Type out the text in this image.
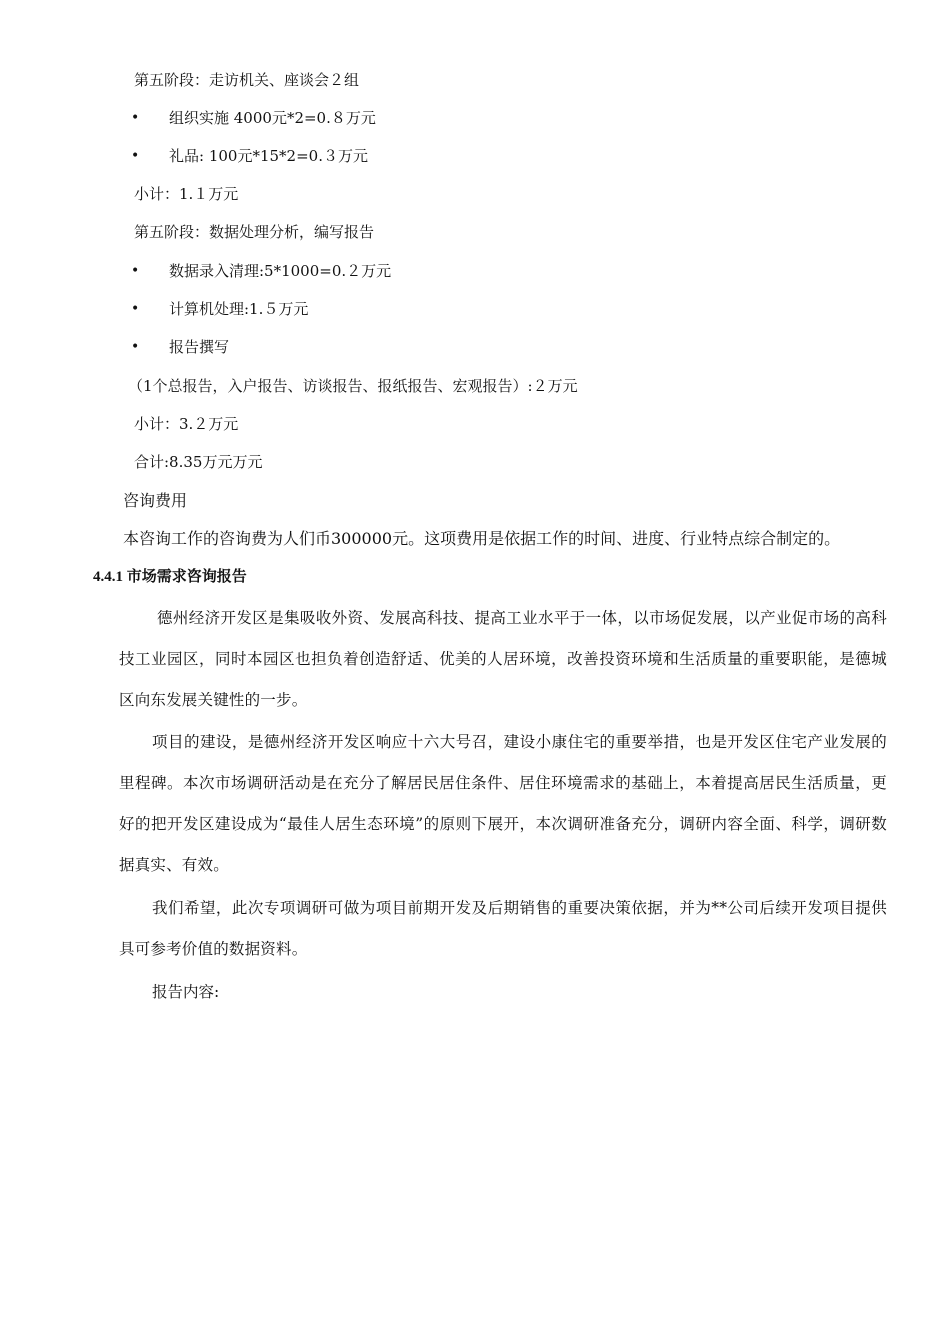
第五阶段：走访机关、座谈会２组
• 组织实施 4000元*2=0.８万元
• 礼品: 100元*15*2=0.３万元
小计：1.１万元
第五阶段：数据处理分析，编写报告
• 数据录入清理:5*1000=0.２万元
• 计算机处理:1.５万元
• 报告撰写
（1个总报告，入户报告、访谈报告、报纸报告、宏观报告）:２万元
小计：3.２万元
合计:8.35万元万元
咨询费用
本咨询工作的咨询费为人们币300000元。这项费用是依据工作的时间、进度、行业特点综合制定的。
4.4.1 市场需求咨询报告
德州经济开发区是集吸收外资、发展高科技、提高工业水平于一体，以市场促发展，以产业促市场的高科技工业园区，同时本园区也担负着创造舒适、优美的人居环境，改善投资环境和生活质量的重要职能，是德城区向东发展关键性的一步。
项目的建设，是德州经济开发区响应十六大号召，建设小康住宅的重要举措，也是开发区住宅产业发展的里程碑。本次市场调研活动是在充分了解居民居住条件、居住环境需求的基础上，本着提高居民生活质量，更好的把开发区建设成为“最佳人居生态环境”的原则下展开，本次调研准备充分，调研内容全面、科学，调研数据真实、有效。
我们希望，此次专项调研可做为项目前期开发及后期销售的重要决策依据，并为**公司后续开发项目提供具可参考价值的数据资料。
报告内容:
